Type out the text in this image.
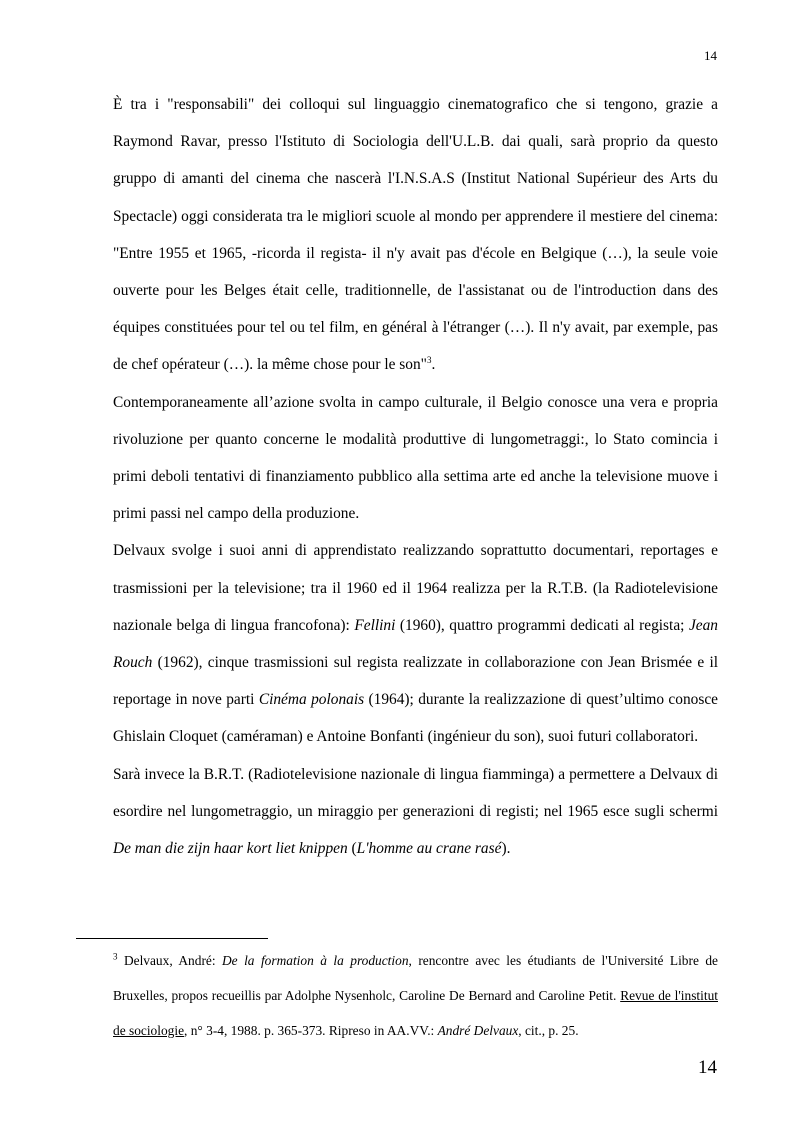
14

È tra i "responsabili" dei colloqui sul linguaggio cinematografico che si tengono, grazie a Raymond Ravar, presso l'Istituto di Sociologia dell'U.L.B. dai quali, sarà proprio da questo gruppo di amanti del cinema che nascerà l'I.N.S.A.S (Institut National Supérieur des Arts du Spectacle) oggi considerata tra le migliori scuole al mondo per apprendere il mestiere del cinema: "Entre 1955 et 1965, -ricorda il regista- il n'y avait pas d'école en Belgique (…), la seule voie ouverte pour les Belges était celle, traditionnelle, de l'assistanat ou de l'introduction dans des équipes constituées pour tel ou tel film, en général à l'étranger (…). Il n'y avait, par exemple, pas de chef opérateur (…). la même chose pour le son"$^3$.

Contemporaneamente all’azione svolta in campo culturale, il Belgio conosce una vera e propria rivoluzione per quanto concerne le modalità produttive di lungometraggi:, lo Stato comincia i primi deboli tentativi di finanziamento pubblico alla settima arte ed anche la televisione muove i primi passi nel campo della produzione.

Delvaux svolge i suoi anni di apprendistato realizzando soprattutto documentari, reportages e trasmissioni per la televisione; tra il 1960 ed il 1964 realizza per la R.T.B. (la Radiotelevisione nazionale belga di lingua francofona): Fellini (1960), quattro programmi dedicati al regista; Jean Rouch (1962), cinque trasmissioni sul regista realizzate in collaborazione con Jean Brismée e il reportage in nove parti Cinéma polonais (1964); durante la realizzazione di quest’ultimo conosce Ghislain Cloquet (caméraman) e Antoine Bonfanti (ingénieur du son), suoi futuri collaboratori.

Sarà invece la B.R.T. (Radiotelevisione nazionale di lingua fiamminga) a permettere a Delvaux di esordire nel lungometraggio, un miraggio per generazioni di registi; nel 1965 esce sugli schermi De man die zijn haar kort liet knippen (L'homme au crane rasé).

$^3$ Delvaux, André: De la formation à la production, rencontre avec les étudiants de l'Université Libre de Bruxelles, propos recueillis par Adolphe Nysenholc, Caroline De Bernard and Caroline Petit. Revue de l'institut de sociologie, n° 3-4, 1988. p. 365-373. Ripreso in AA.VV.: André Delvaux, cit., p. 25.

14
